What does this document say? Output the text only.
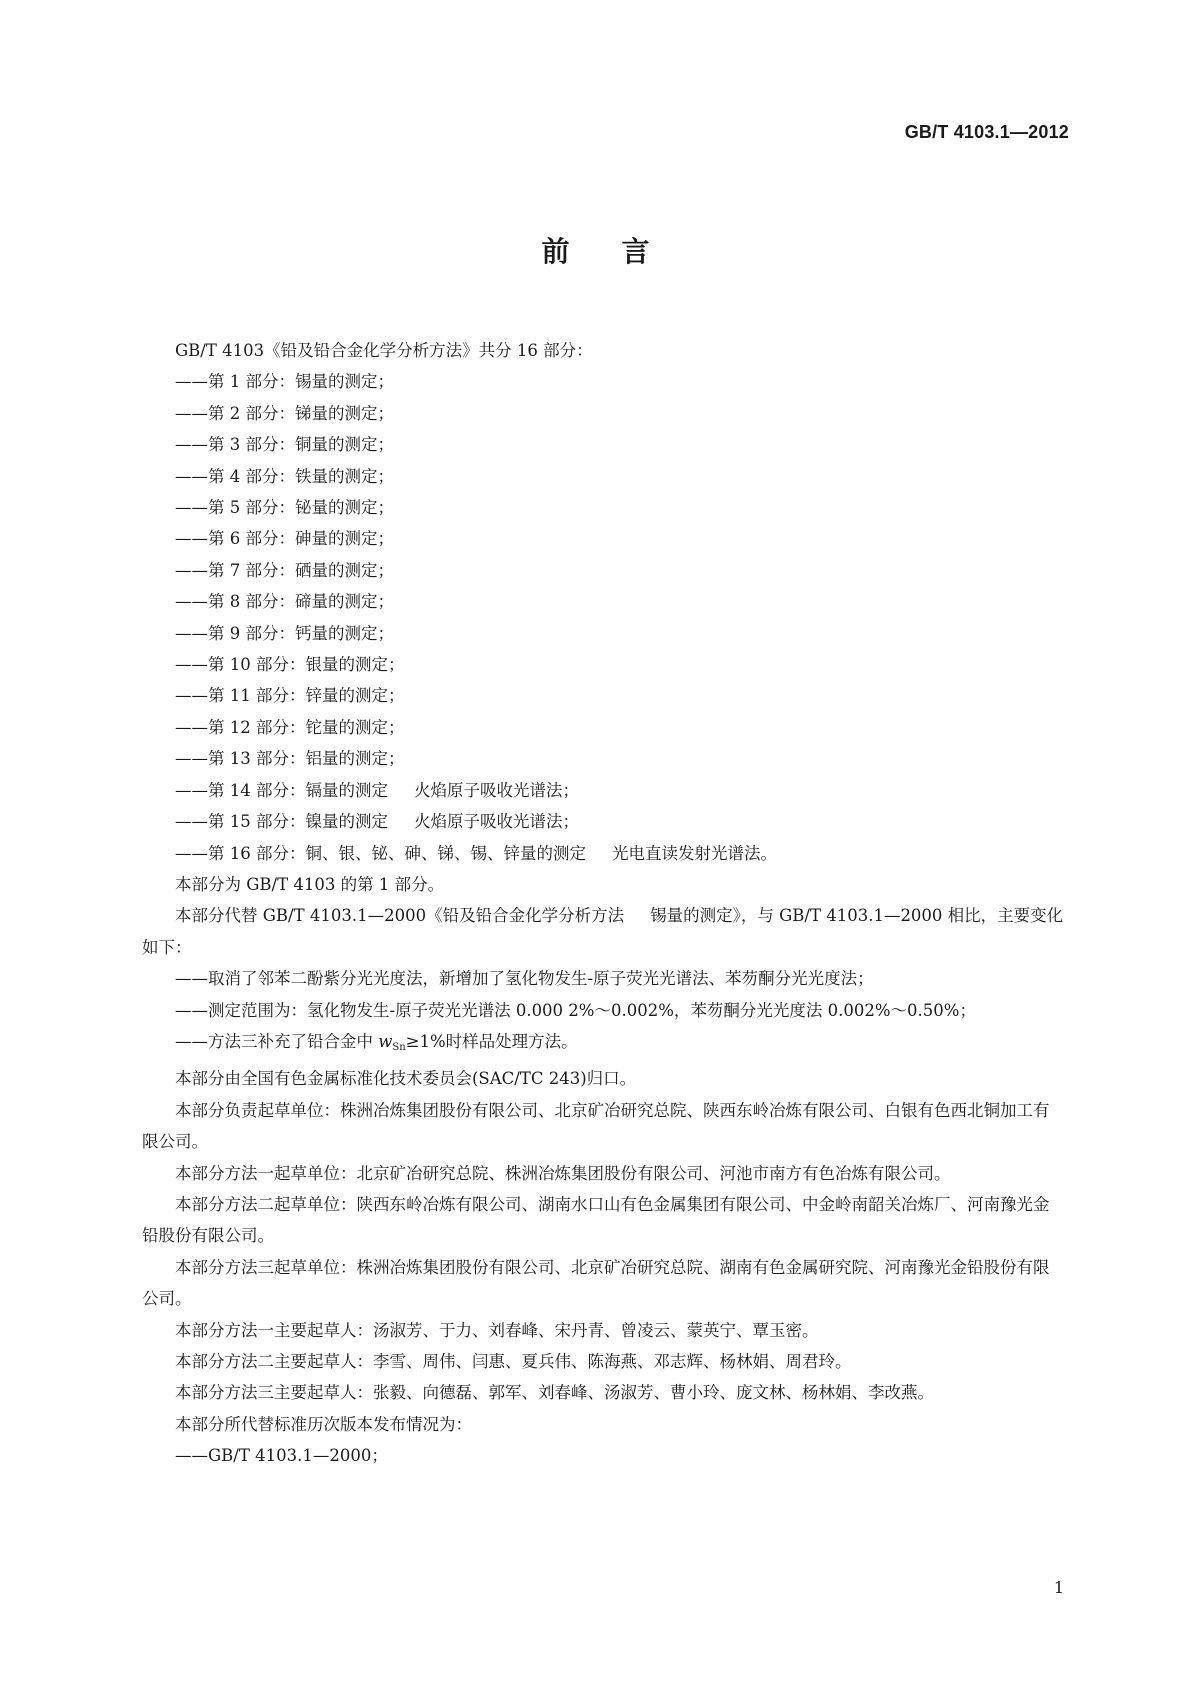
GB/T 4103.1—2012
前言

GB/T 4103《铅及铅合金化学分析方法》共分 16 部分：

——第 1 部分：锡量的测定；

——第 2 部分：锑量的测定；

——第 3 部分：铜量的测定；

——第 4 部分：铁量的测定；

——第 5 部分：铋量的测定；

——第 6 部分：砷量的测定；

——第 7 部分：硒量的测定；

——第 8 部分：碲量的测定；

——第 9 部分：钙量的测定；

——第 10 部分：银量的测定；

——第 11 部分：锌量的测定；

——第 12 部分：铊量的测定；

——第 13 部分：铝量的测定；

——第 14 部分：镉量的测定 火焰原子吸收光谱法；

——第 15 部分：镍量的测定 火焰原子吸收光谱法；

——第 16 部分：铜、银、铋、砷、锑、锡、锌量的测定 光电直读发射光谱法。

本部分为 GB/T 4103 的第 1 部分。

本部分代替 GB/T 4103.1—2000《铅及铅合金化学分析方法 锡量的测定》，与 GB/T 4103.1—2000 相比，主要变化如下：

——取消了邻苯二酚紫分光光度法，新增加了氢化物发生-原子荧光光谱法、苯芴酮分光光度法；

——测定范围为：氢化物发生-原子荧光光谱法 0.000 2%～0.002%，苯芴酮分光光度法 0.002%～0.50%；

——方法三补充了铅合金中 $w_{Sn}\ge 1\%$时样品处理方法。

本部分由全国有色金属标准化技术委员会(SAC/TC 243)归口。

本部分负责起草单位：株洲冶炼集团股份有限公司、北京矿冶研究总院、陕西东岭冶炼有限公司、白银有色西北铜加工有限公司。

本部分方法一起草单位：北京矿冶研究总院、株洲冶炼集团股份有限公司、河池市南方有色冶炼有限公司。

本部分方法二起草单位：陕西东岭冶炼有限公司、湖南水口山有色金属集团有限公司、中金岭南韶关冶炼厂、河南豫光金铅股份有限公司。

本部分方法三起草单位：株洲冶炼集团股份有限公司、北京矿冶研究总院、湖南有色金属研究院、河南豫光金铅股份有限公司。

本部分方法一主要起草人：汤淑芳、于力、刘春峰、宋丹青、曾凌云、蒙英宁、覃玉密。

本部分方法二主要起草人：李雪、周伟、闫惠、夏兵伟、陈海燕、邓志辉、杨林娟、周君玲。

本部分方法三主要起草人：张毅、向德磊、郭军、刘春峰、汤淑芳、曹小玲、庞文林、杨林娟、李改燕。

本部分所代替标准历次版本发布情况为：

——GB/T 4103.1—2000；

1
